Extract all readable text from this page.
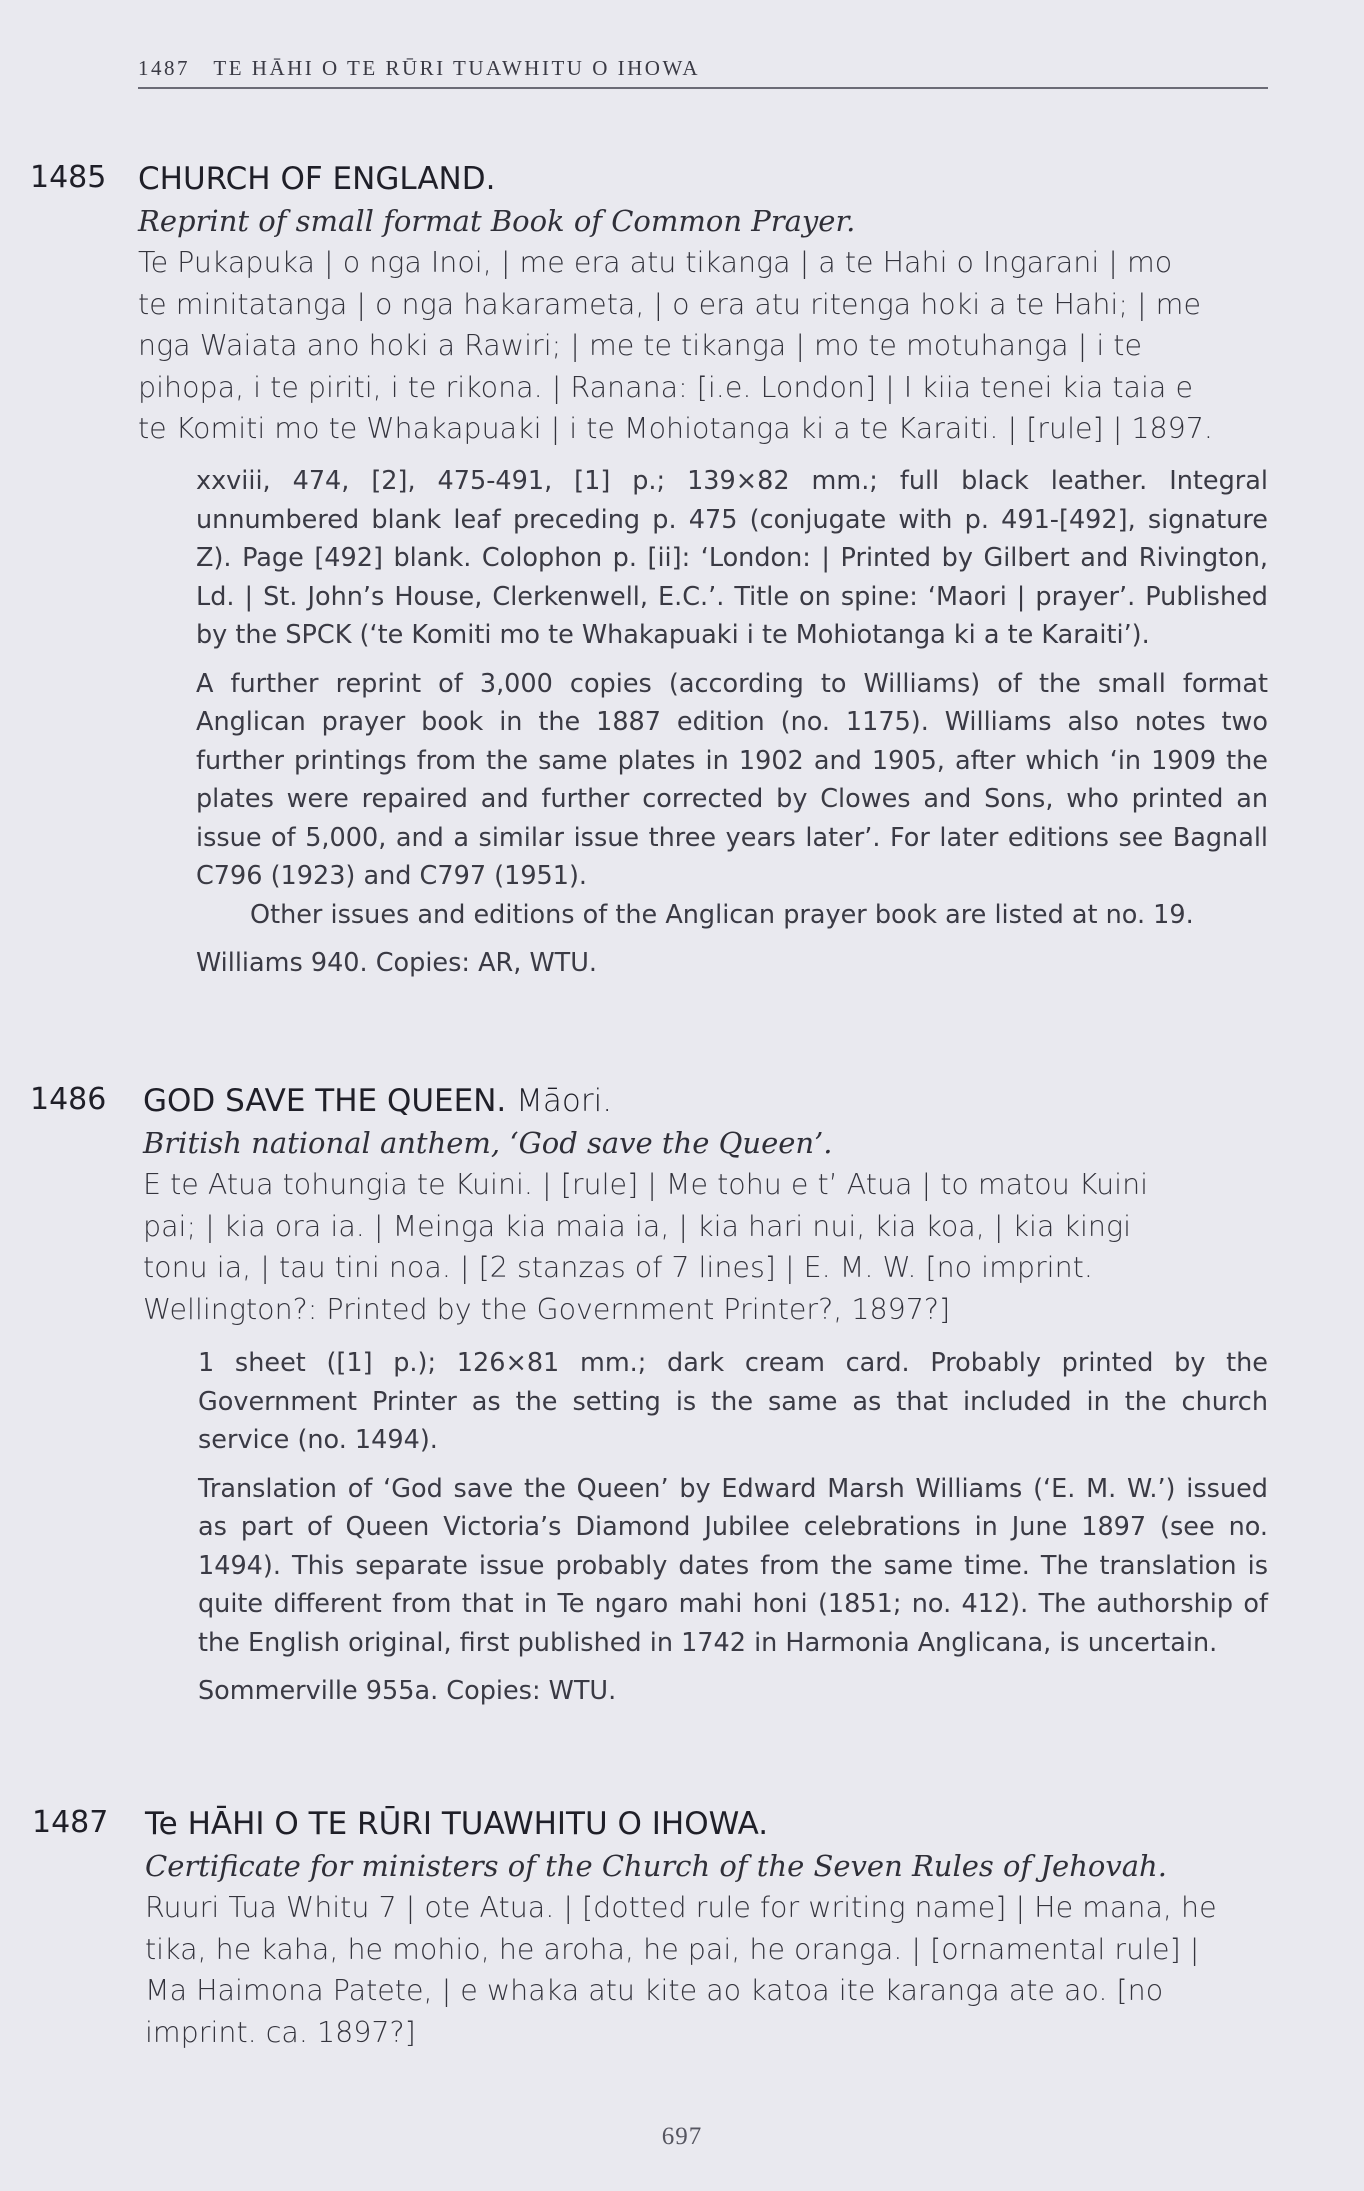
1487 TE HĀHI O TE RŪRI TUAWHITU O IHOWA
1485 CHURCH OF ENGLAND.

Reprint of small format Book of Common Prayer.

Te Pukapuka | o nga Inoi, | me era atu tikanga | a te Hahi o Ingarani | mo

te minitatanga | o nga hakarameta, | o era atu ritenga hoki a te Hahi; | me

nga Waiata ano hoki a Rawiri; | me te tikanga | mo te motuhanga | i te

pihopa, i te piriti, i te rikona. | Ranana: [i.e. London] | I kiia tenei kia taia e

te Komiti mo te Whakapuaki | i te Mohiotanga ki a te Karaiti. | [rule] | 1897.

xxviii, 474, [2], 475-491, [1] p.; 139×82 mm.; full black leather. Integral unnumbered blank leaf preceding p. 475 (conjugate with p. 491-[492], signature Z). Page [492] blank. Colophon p. [ii]: ‘London: | Printed by Gilbert and Rivington, Ld. | St. John’s House, Clerkenwell, E.C.’. Title on spine: ‘Maori | prayer’. Published by the SPCK (‘te Komiti mo te Whakapuaki i te Mohiotanga ki a te Karaiti’).

A further reprint of 3,000 copies (according to Williams) of the small format Anglican prayer book in the 1887 edition (no. 1175). Williams also notes two further printings from the same plates in 1902 and 1905, after which ‘in 1909 the plates were repaired and further corrected by Clowes and Sons, who printed an issue of 5,000, and a similar issue three years later’. For later editions see Bagnall C796 (1923) and C797 (1951).

Other issues and editions of the Anglican prayer book are listed at no. 19.

Williams 940. Copies: AR, WTU.

1486 GOD SAVE THE QUEEN. Māori.

British national anthem, ‘God save the Queen’.

E te Atua tohungia te Kuini. | [rule] | Me tohu e t’ Atua | to matou Kuini

pai; | kia ora ia. | Meinga kia maia ia, | kia hari nui, kia koa, | kia kingi

tonu ia, | tau tini noa. | [2 stanzas of 7 lines] | E. M. W. [no imprint.

Wellington?: Printed by the Government Printer?, 1897?]

1 sheet ([1] p.); 126×81 mm.; dark cream card. Probably printed by the Government Printer as the setting is the same as that included in the church service (no. 1494).

Translation of ‘God save the Queen’ by Edward Marsh Williams (‘E. M. W.’) issued as part of Queen Victoria’s Diamond Jubilee celebrations in June 1897 (see no. 1494). This separate issue probably dates from the same time. The translation is quite different from that in Te ngaro mahi honi (1851; no. 412). The authorship of the English original, first published in 1742 in Harmonia Anglicana, is uncertain.

Sommerville 955a. Copies: WTU.

1487 Te HĀHI O TE RŪRI TUAWHITU O IHOWA.

Certificate for ministers of the Church of the Seven Rules of Jehovah.

Ruuri Tua Whitu 7 | ote Atua. | [dotted rule for writing name] | He mana, he

tika, he kaha, he mohio, he aroha, he pai, he oranga. | [ornamental rule] |

Ma Haimona Patete, | e whaka atu kite ao katoa ite karanga ate ao. [no

imprint. ca. 1897?]

697
